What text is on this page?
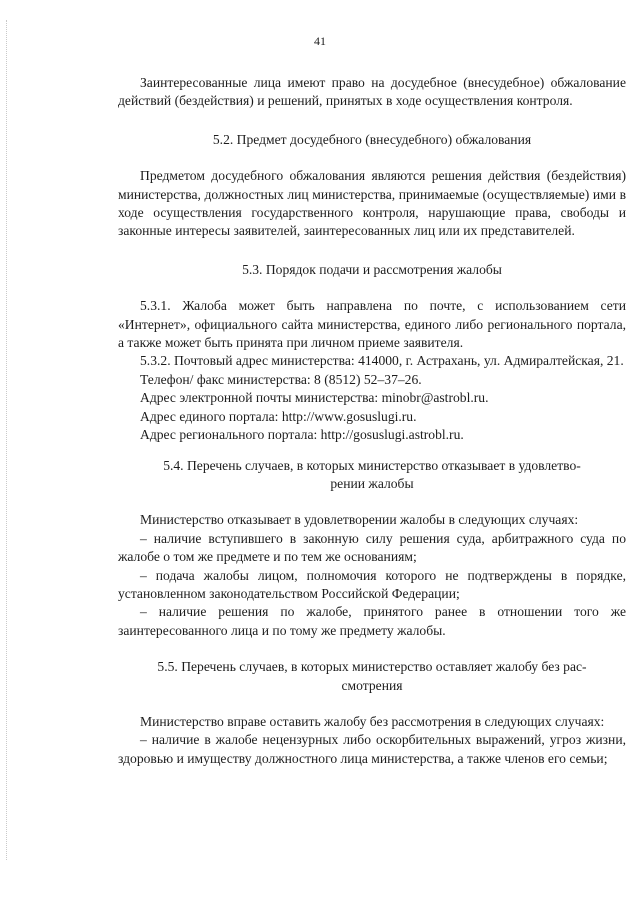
41

Заинтересованные лица имеют право на досудебное (внесудебное) обжалование действий (бездействия) и решений, принятых в ходе осуществления контроля.

5.2. Предмет досудебного (внесудебного) обжалования

Предметом досудебного обжалования являются решения действия (бездействия) министерства, должностных лиц министерства, принимаемые (осуществляемые) ими в ходе осуществления государственного контроля, нарушающие права, свободы и законные интересы заявителей, заинтересованных лиц или их представителей.

5.3. Порядок подачи и рассмотрения жалобы

5.3.1. Жалоба может быть направлена по почте, с использованием сети «Интернет», официального сайта министерства, единого либо регионального портала, а также может быть принята при личном приеме заявителя.

5.3.2. Почтовый адрес министерства: 414000, г. Астрахань, ул. Адмиралтейская, 21.

Телефон/ факс министерства: 8 (8512) 52–37–26.

Адрес электронной почты министерства: minobr@astrobl.ru.

Адрес единого портала: http://www.gosuslugi.ru.

Адрес регионального портала: http://gosuslugi.astrobl.ru.

5.4. Перечень случаев, в которых министерство отказывает в удовлетво-

рении жалобы

Министерство отказывает в удовлетворении жалобы в следующих случаях:

– наличие вступившего в законную силу решения суда, арбитражного суда по жалобе о том же предмете и по тем же основаниям;

– подача жалобы лицом, полномочия которого не подтверждены в порядке, установленном законодательством Российской Федерации;

– наличие решения по жалобе, принятого ранее в отношении того же заинтересованного лица и по тому же предмету жалобы.

5.5. Перечень случаев, в которых министерство оставляет жалобу без рас-

смотрения

Министерство вправе оставить жалобу без рассмотрения в следующих случаях:

– наличие в жалобе нецензурных либо оскорбительных выражений, угроз жизни, здоровью и имуществу должностного лица министерства, а также членов его семьи;
